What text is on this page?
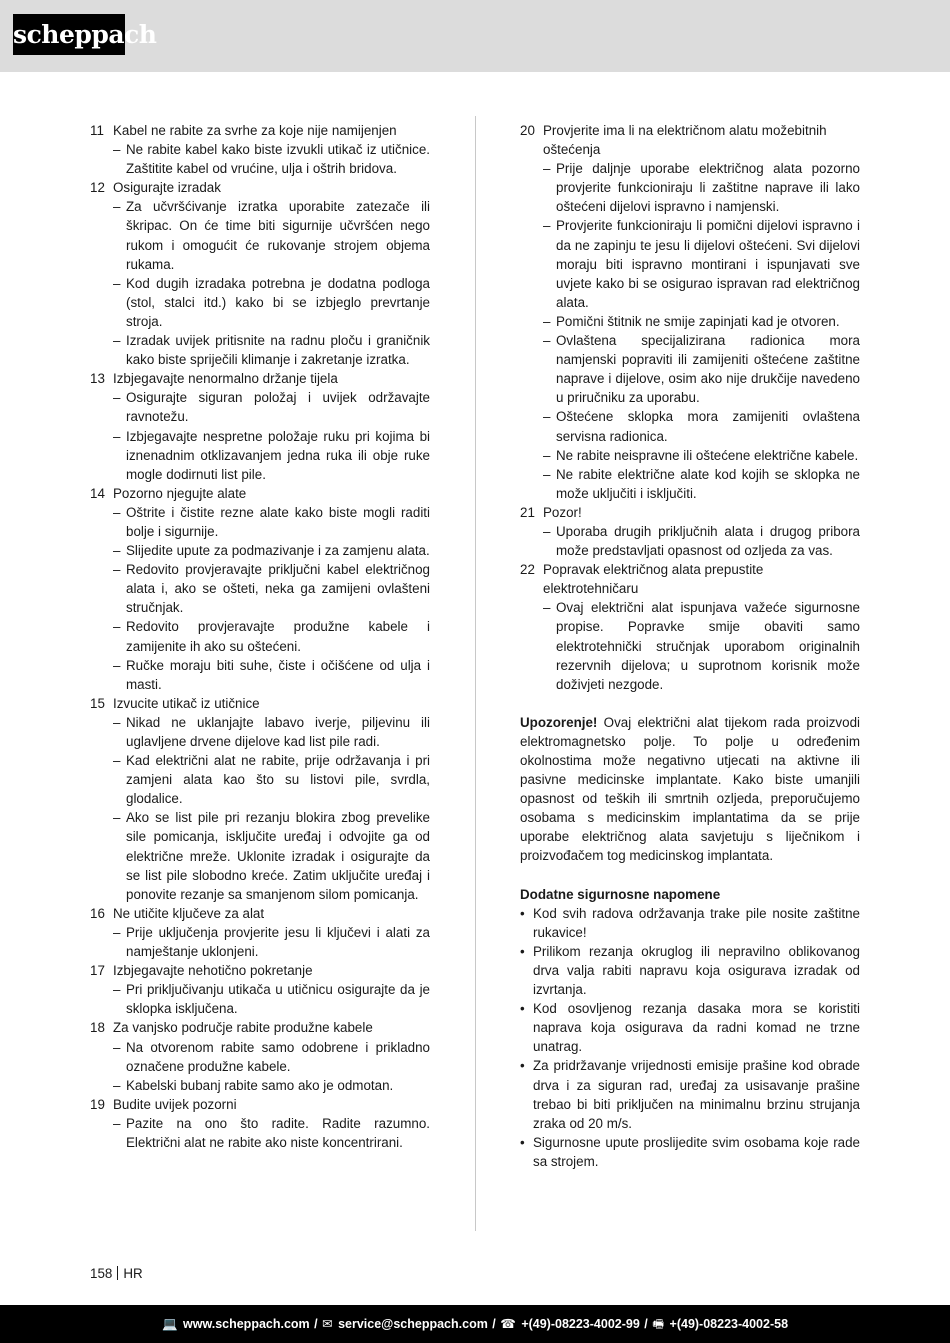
scheppach
11 Kabel ne rabite za svrhe za koje nije namijenjen
– Ne rabite kabel kako biste izvukli utikač iz utičnice. Zaštitite kabel od vrućine, ulja i oštrih bridova.
12 Osigurajte izradak
– Za učvršćivanje izratka uporabite zatezače ili škripac. On će time biti sigurnije učvršćen nego rukom i omogućit će rukovanje strojem objema rukama.
– Kod dugih izradaka potrebna je dodatna podloga (stol, stalci itd.) kako bi se izbjeglo prevrtanje stroja.
– Izradak uvijek pritisnite na radnu ploču i graničnik kako biste spriječili klimanje i zakretanje izratka.
13 Izbjegavajte nenormalno držanje tijela
– Osigurajte siguran položaj i uvijek održavajte ravnotežu.
– Izbjegavajte nespretne položaje ruku pri kojima bi iznenadnim otklizavanjem jedna ruka ili obje ruke mogle dodirnuti list pile.
14 Pozorno njegujte alate
– Oštrite i čistite rezne alate kako biste mogli raditi bolje i sigurnije.
– Slijedite upute za podmazivanje i za zamjenu alata.
– Redovito provjeravajte priključni kabel električnog alata i, ako se ošteti, neka ga zamijeni ovlašteni stručnjak.
– Redovito provjeravajte produžne kabele i zamijenite ih ako su oštećeni.
– Ručke moraju biti suhe, čiste i očišćene od ulja i masti.
15 Izvucite utikač iz utičnice
– Nikad ne uklanjajte labavo iverje, piljevinu ili uglavljene drvene dijelove kad list pile radi.
– Kad električni alat ne rabite, prije održavanja i pri zamjeni alata kao što su listovi pile, svrdla, glodalice.
– Ako se list pile pri rezanju blokira zbog prevelike sile pomicanja, isključite uređaj i odvojite ga od električne mreže. Uklonite izradak i osigurajte da se list pile slobodno kreće. Zatim uključite uređaj i ponovite rezanje sa smanjenom silom pomicanja.
16 Ne utičite ključeve za alat
– Prije uključenja provjerite jesu li ključevi i alati za namještanje uklonjeni.
17 Izbjegavajte nehotično pokretanje
– Pri priključivanju utikača u utičnicu osigurajte da je sklopka isključena.
18 Za vanjsko područje rabite produžne kabele
– Na otvorenom rabite samo odobrene i prikladno označene produžne kabele.
– Kabelski bubanj rabite samo ako je odmotan.
19 Budite uvijek pozorni
– Pazite na ono što radite. Radite razumno. Električni alat ne rabite ako niste koncentrirani.
20 Provjerite ima li na električnom alatu možebitnih oštećenja
– Prije daljnje uporabe električnog alata pozorno provjerite funkcioniraju li zaštitne naprave ili lako oštećeni dijelovi ispravno i namjenski.
– Provjerite funkcioniraju li pomični dijelovi ispravno i da ne zapinju te jesu li dijelovi oštećeni. Svi dijelovi moraju biti ispravno montirani i ispunjavati sve uvjete kako bi se osigurao ispravan rad električnog alata.
– Pomični štitnik ne smije zapinjati kad je otvoren.
– Ovlaštena specijalizirana radionica mora namjenski popraviti ili zamijeniti oštećene zaštitne naprave i dijelove, osim ako nije drukčije navedeno u priručniku za uporabu.
– Oštećene sklopka mora zamijeniti ovlaštena servisna radionica.
– Ne rabite neispravne ili oštećene električne kabele.
– Ne rabite električne alate kod kojih se sklopka ne može uključiti i isključiti.
21 Pozor!
– Uporaba drugih priključnih alata i drugog pribora može predstavljati opasnost od ozljeda za vas.
22 Popravak električnog alata prepustite elektrotehničaru
– Ovaj električni alat ispunjava važeće sigurnosne propise. Popravke smije obaviti samo elektrotehnički stručnjak uporabom originalnih rezervnih dijelova; u suprotnom korisnik može doživjeti nezgode.
Upozorenje! Ovaj električni alat tijekom rada proizvodi elektromagnetsko polje. To polje u određenim okolnostima može negativno utjecati na aktivne ili pasivne medicinske implantate. Kako biste umanjili opasnost od teških ili smrtnih ozljeda, preporučujemo osobama s medicinskim implantatima da se prije uporabe električnog alata savjetuju s liječnikom i proizvođačem tog medicinskog implantata.
Dodatne sigurnosne napomene
• Kod svih radova održavanja trake pile nosite zaštitne rukavice!
• Prilikom rezanja okruglog ili nepravilno oblikovanog drva valja rabiti napravu koja osigurava izradak od izvrtanja.
• Kod osovljenog rezanja dasaka mora se koristiti naprava koja osigurava da radni komad ne trzne unatrag.
• Za pridržavanje vrijednosti emisije prašine kod obrade drva i za siguran rad, uređaj za usisavanje prašine trebao bi biti priključen na minimalnu brzinu strujanja zraka od 20 m/s.
• Sigurnosne upute proslijedite svim osobama koje rade sa strojem.
158 HR
💻 www.scheppach.com / ✉ service@scheppach.com / ☎ +(49)-08223-4002-99 / 🖷 +(49)-08223-4002-58
